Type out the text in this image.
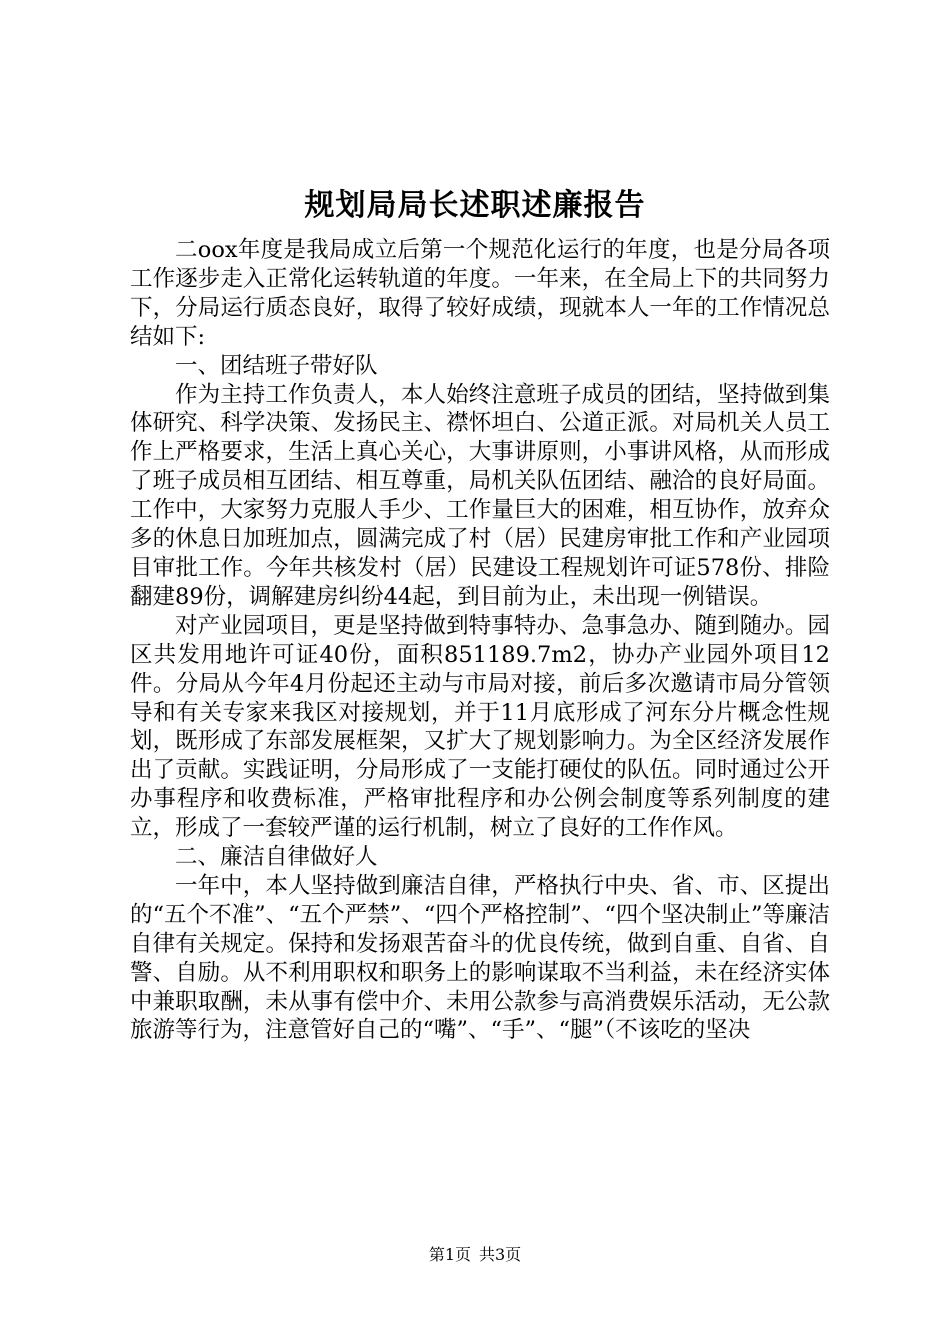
规划局局长述职述廉报告

二oox年度是我局成立后第一个规范化运行的年度，也是分局各项工作逐步走入正常化运转轨道的年度。一年来，在全局上下的共同努力下，分局运行质态良好，取得了较好成绩，现就本人一年的工作情况总结如下:

一、团结班子带好队

作为主持工作负责人，本人始终注意班子成员的团结，坚持做到集体研究、科学决策、发扬民主、襟怀坦白、公道正派。对局机关人员工作上严格要求，生活上真心关心，大事讲原则，小事讲风格，从而形成了班子成员相互团结、相互尊重，局机关队伍团结、融洽的良好局面。工作中，大家努力克服人手少、工作量巨大的困难，相互协作，放弃众多的休息日加班加点，圆满完成了村（居）民建房审批工作和产业园项目审批工作。今年共核发村（居）民建设工程规划许可证578份、排险翻建89份，调解建房纠纷44起，到目前为止，未出现一例错误。

对产业园项目，更是坚持做到特事特办、急事急办、随到随办。园区共发用地许可证40份，面积851189.7m2，协办产业园外项目12件。分局从今年4月份起还主动与市局对接，前后多次邀请市局分管领导和有关专家来我区对接规划，并于11月底形成了河东分片概念性规划，既形成了东部发展框架，又扩大了规划影响力。为全区经济发展作出了贡献。实践证明，分局形成了一支能打硬仗的队伍。同时通过公开办事程序和收费标准，严格审批程序和办公例会制度等系列制度的建立，形成了一套较严谨的运行机制，树立了良好的工作作风。

二、廉洁自律做好人

一年中，本人坚持做到廉洁自律，严格执行中央、省、市、区提出的“五个不准”、“五个严禁”、“四个严格控制”、“四个坚决制止”等廉洁自律有关规定。保持和发扬艰苦奋斗的优良传统，做到自重、自省、自警、自励。从不利用职权和职务上的影响谋取不当利益，未在经济实体中兼职取酬，未从事有偿中介、未用公款参与高消费娱乐活动，无公款旅游等行为，注意管好自己的“嘴”、“手”、“腿”（不该吃的坚决

第1页 共3页
